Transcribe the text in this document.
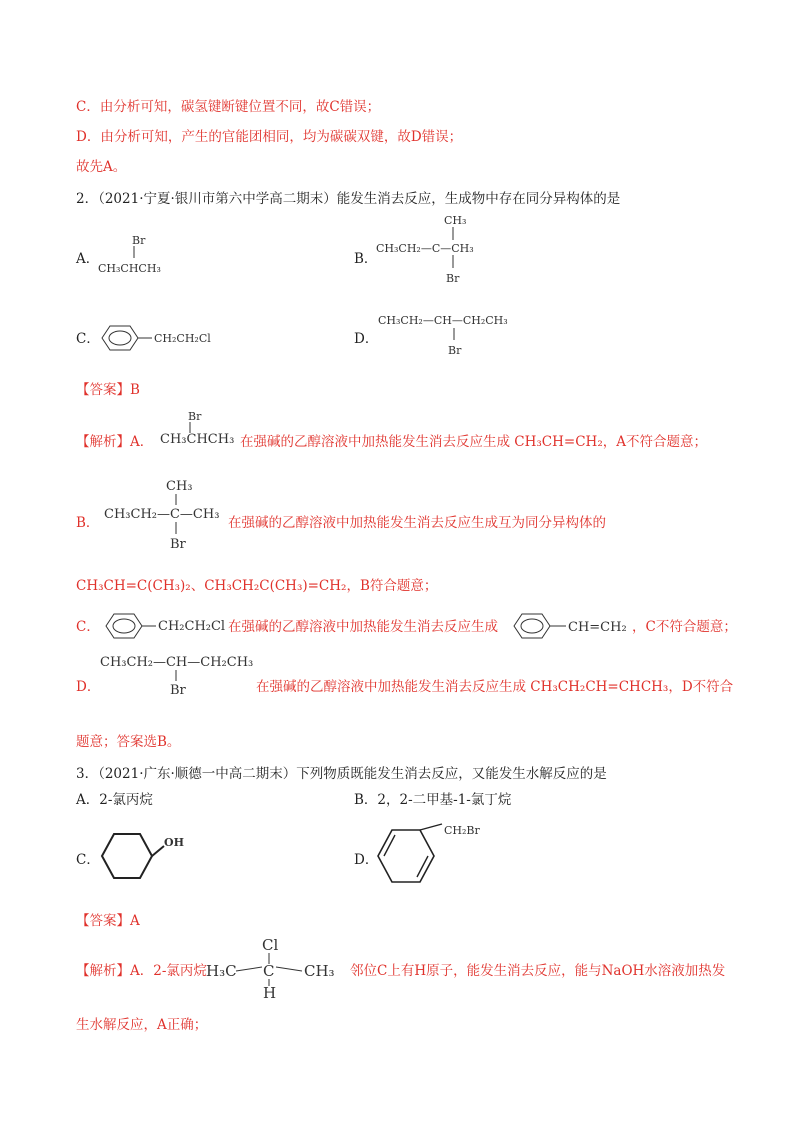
C．由分析可知，碳氢键断键位置不同，故C错误；
D．由分析可知，产生的官能团相同，均为碳碳双键，故D错误；
故先A。
2．（2021·宁夏·银川市第六中学高二期末）能发生消去反应，生成物中存在同分异构体的是
A．
Br
CH₃CHCH₃
B．
CH₃
CH₃CH₂—C—CH₃
Br
C．	CH₂CH₂Cl	D．
CH₃CH₂—CH—CH₂CH₃
Br
【答案】B
【解析】A．
Br
CH₃CHCH₃ 在强碱的乙醇溶液中加热能发生消去反应生成 CH₃CH=CH₂，A不符合题意；
B．
CH₃
CH₃CH₂—C—CH₃
Br
在强碱的乙醇溶液中加热能发生消去反应生成互为同分异构体的
CH₃CH=C(CH₃)₂、CH₃CH₂C(CH₃)=CH₂，B符合题意；
C．	CH₂CH₂Cl 在强碱的乙醇溶液中加热能发生消去反应生成	CH=CH₂ ，C不符合题意；
D．
CH₃CH₂—CH—CH₂CH₃
Br	在强碱的乙醇溶液中加热能发生消去反应生成 CH₃CH₂CH=CHCH₃，D不符合
题意；答案选B。
3．（2021·广东·顺德一中高二期末）下列物质既能发生消去反应，又能发生水解反应的是
A．2-氯丙烷	B．2，2-二甲基-1-氯丁烷
C．
OH
D．
CH₂Br
【答案】A
【解析】A．2-氯丙烷
Cl
H₃C C CH₃
H
邻位C上有H原子，能发生消去反应，能与NaOH水溶液加热发
生水解反应，A正确；
